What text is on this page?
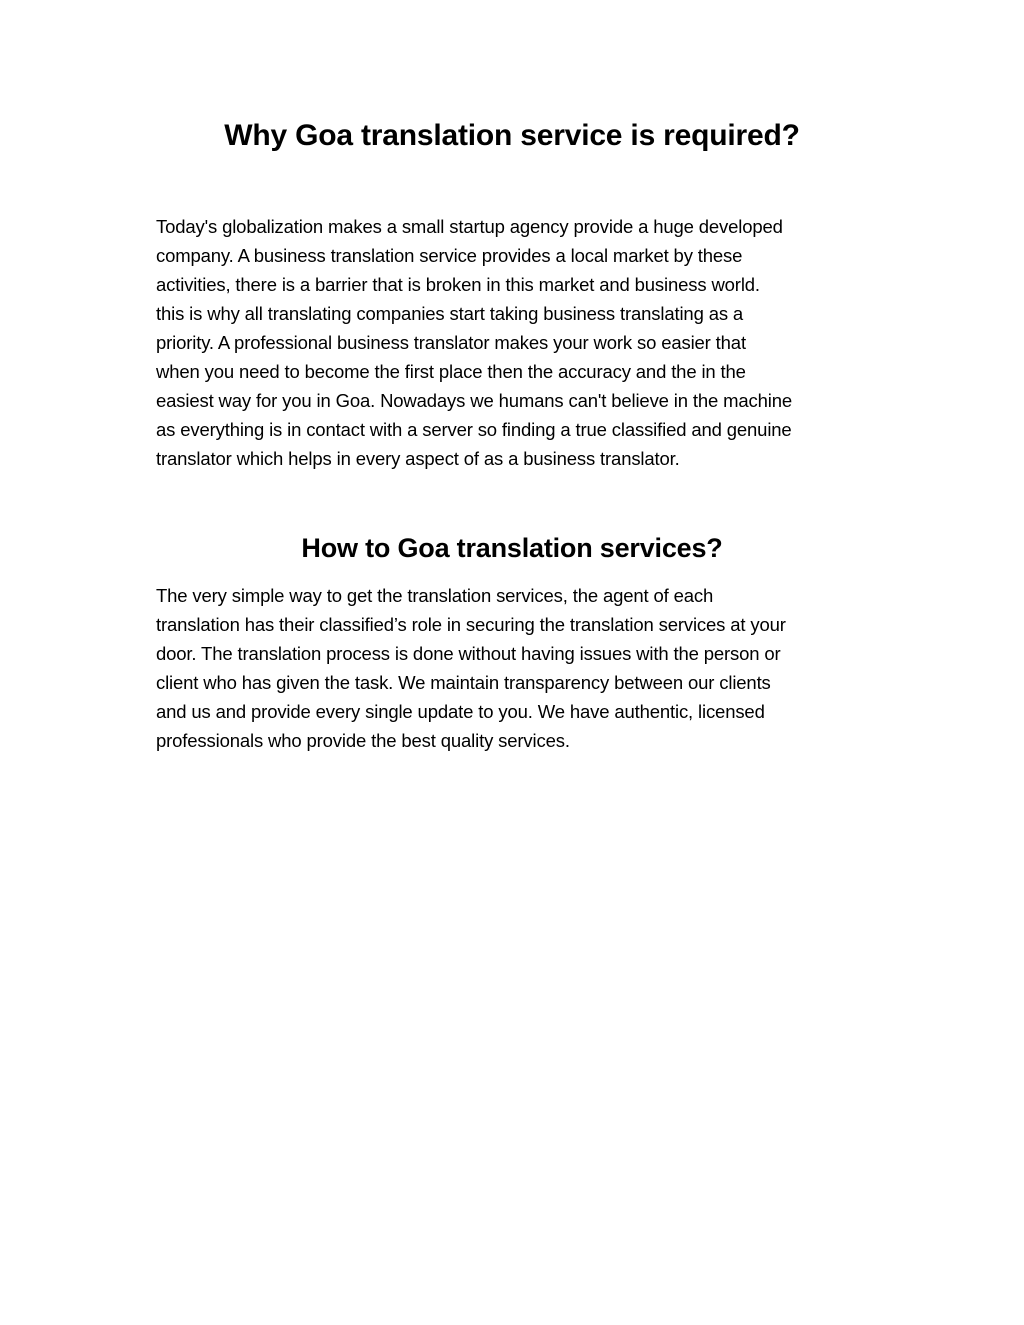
Why Goa translation service is required?

Today's globalization makes a small startup agency provide a huge developed
company. A business translation service provides a local market by these
activities, there is a barrier that is broken in this market and business world.
this is why all translating companies start taking business translating as a
priority. A professional business translator makes your work so easier that
when you need to become the first place then the accuracy and the in the
easiest way for you in Goa. Nowadays we humans can't believe in the machine
as everything is in contact with a server so finding a true classified and genuine
translator which helps in every aspect of as a business translator.

How to Goa translation services?

The very simple way to get the translation services, the agent of each
translation has their classified’s role in securing the translation services at your
door. The translation process is done without having issues with the person or
client who has given the task. We maintain transparency between our clients
and us and provide every single update to you. We have authentic, licensed
professionals who provide the best quality services.
